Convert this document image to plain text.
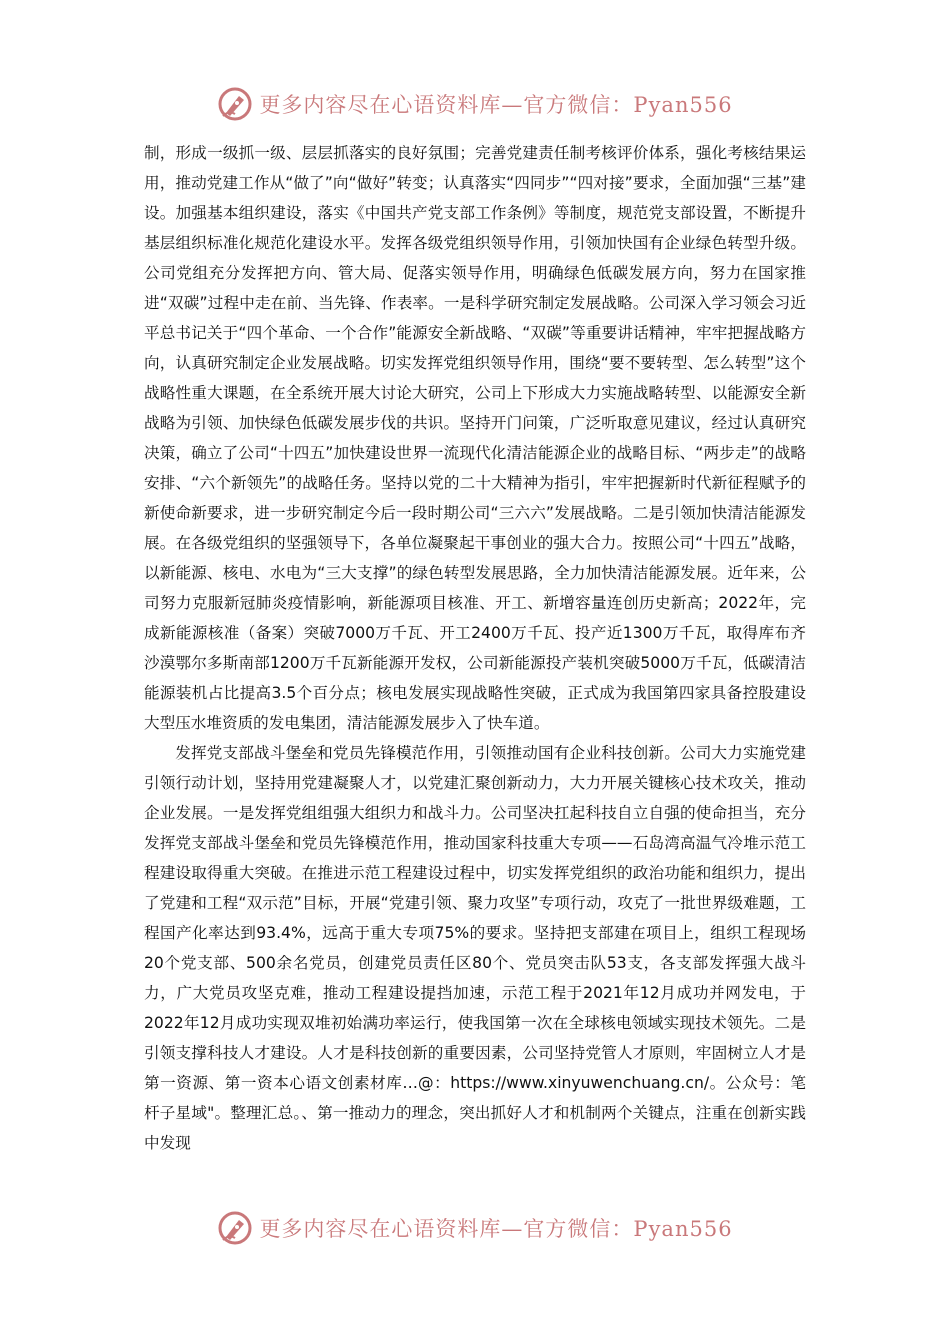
更多内容尽在心语资料库—官方微信：Pyan556

制，形成一级抓一级、层层抓落实的良好氛围；完善党建责任制考核评价体系，强化考核结果运用，推动党建工作从“做了”向“做好”转变；认真落实“四同步”“四对接”要求，全面加强“三基”建设。加强基本组织建设，落实《中国共产党支部工作条例》等制度，规范党支部设置，不断提升基层组织标准化规范化建设水平。发挥各级党组织领导作用，引领加快国有企业绿色转型升级。公司党组充分发挥把方向、管大局、促落实领导作用，明确绿色低碳发展方向，努力在国家推进“双碳”过程中走在前、当先锋、作表率。一是科学研究制定发展战略。公司深入学习领会习近平总书记关于“四个革命、一个合作”能源安全新战略、“双碳”等重要讲话精神，牢牢把握战略方向，认真研究制定企业发展战略。切实发挥党组织领导作用，围绕“要不要转型、怎么转型”这个战略性重大课题，在全系统开展大讨论大研究，公司上下形成大力实施战略转型、以能源安全新战略为引领、加快绿色低碳发展步伐的共识。坚持开门问策，广泛听取意见建议，经过认真研究决策，确立了公司“十四五”加快建设世界一流现代化清洁能源企业的战略目标、“两步走”的战略安排、“六个新领先”的战略任务。坚持以党的二十大精神为指引，牢牢把握新时代新征程赋予的新使命新要求，进一步研究制定今后一段时期公司“三六六”发展战略。二是引领加快清洁能源发展。在各级党组织的坚强领导下，各单位凝聚起干事创业的强大合力。按照公司“十四五”战略，以新能源、核电、水电为“三大支撑”的绿色转型发展思路，全力加快清洁能源发展。近年来，公司努力克服新冠肺炎疫情影响，新能源项目核准、开工、新增容量连创历史新高；2022年，完成新能源核准（备案）突破7000万千瓦、开工2400万千瓦、投产近1300万千瓦，取得库布齐沙漠鄂尔多斯南部1200万千瓦新能源开发权，公司新能源投产装机突破5000万千瓦，低碳清洁能源装机占比提高3.5个百分点；核电发展实现战略性突破，正式成为我国第四家具备控股建设大型压水堆资质的发电集团，清洁能源发展步入了快车道。

发挥党支部战斗堡垒和党员先锋模范作用，引领推动国有企业科技创新。公司大力实施党建引领行动计划，坚持用党建凝聚人才，以党建汇聚创新动力，大力开展关键核心技术攻关，推动企业发展。一是发挥党组组强大组织力和战斗力。公司坚决扛起科技自立自强的使命担当，充分发挥党支部战斗堡垒和党员先锋模范作用，推动国家科技重大专项——石岛湾高温气冷堆示范工程建设取得重大突破。在推进示范工程建设过程中，切实发挥党组织的政治功能和组织力，提出了党建和工程“双示范”目标，开展“党建引领、聚力攻坚”专项行动，攻克了一批世界级难题，工程国产化率达到93.4%，远高于重大专项75%的要求。坚持把支部建在项目上，组织工程现场20个党支部、500余名党员，创建党员责任区80个、党员突击队53支，各支部发挥强大战斗力，广大党员攻坚克难，推动工程建设提挡加速，示范工程于2021年12月成功并网发电，于2022年12月成功实现双堆初始满功率运行，使我国第一次在全球核电领域实现技术领先。二是引领支撑科技人才建设。人才是科技创新的重要因素，公司坚持党管人才原则，牢固树立人才是第一资源、第一资本心语文创素材库…@：https://www.xinyuwenchuang.cn/。公众号：笔杆子星域"。整理汇总。、第一推动力的理念，突出抓好人才和机制两个关键点，注重在创新实践中发现

更多内容尽在心语资料库—官方微信：Pyan556
